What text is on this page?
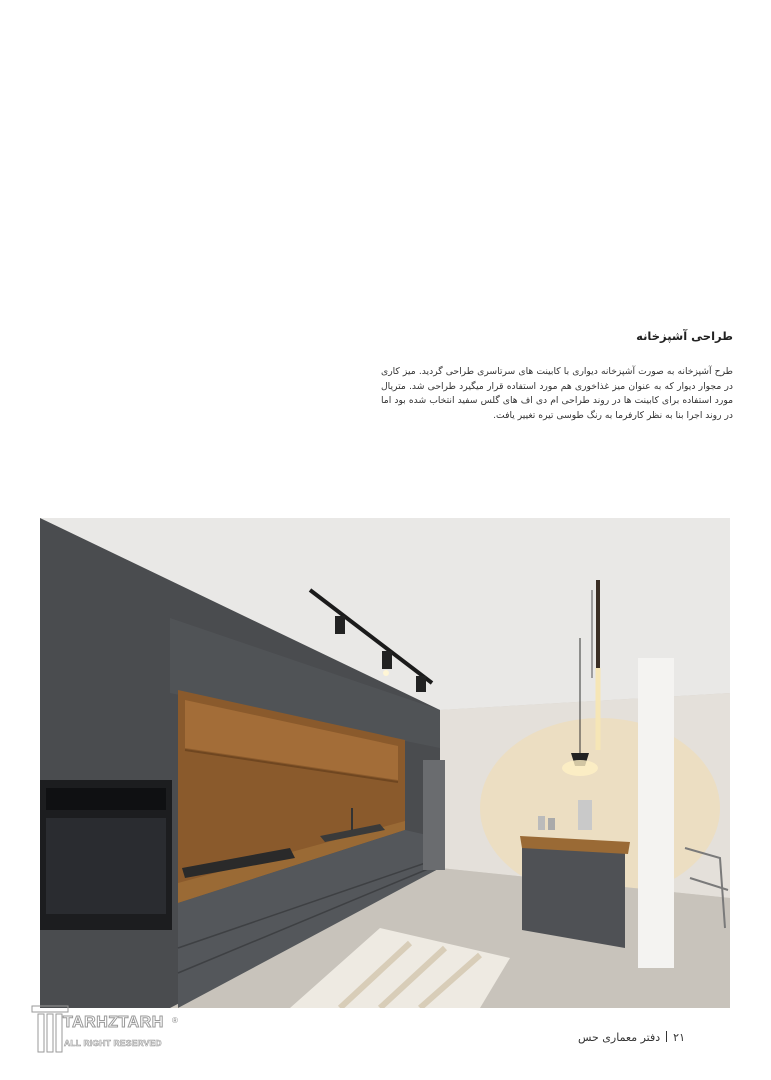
طراحی آشپزخانه
طرح آشپزخانه به صورت آشپزخانه دیواری با کابینت های سرتاسری طراحی گردید. میز کاری در مجوار دیوار که به عنوان میز غذاخوری هم مورد استفاده قرار میگیرد طراحی شد. متریال مورد استفاده برای کابینت ها در روند طراحی ام دی اف های گلس سفید انتخاب شده بود اما در روند اجرا بنا به نظر کارفرما به رنگ طوسی تیره تغییر یافت.
۲۱دفتر معماری حس
TARHZTARH ®
ALL RIGHT RESERVED
